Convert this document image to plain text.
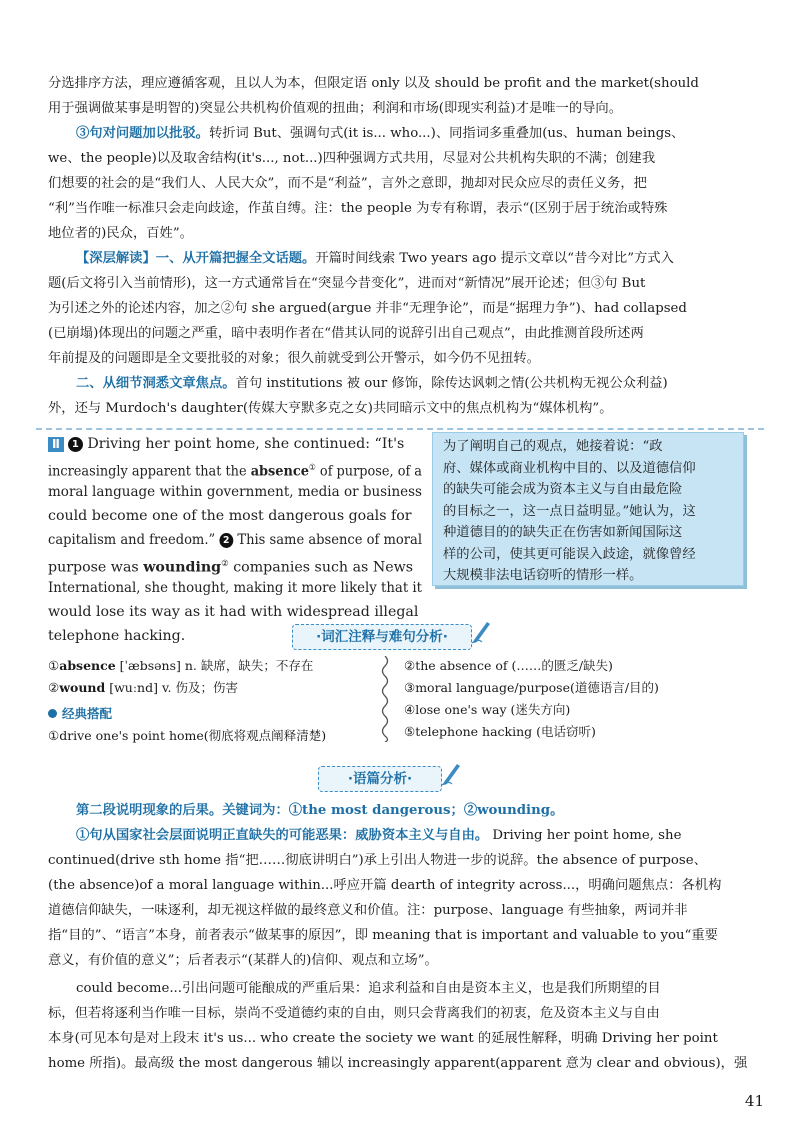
分选排序方法，理应遵循客观，且以人为本，但限定语 only 以及 should be profit and the market(should
用于强调做某事是明智的)突显公共机构价值观的扭曲；利润和市场(即现实利益)才是唯一的导向。
③句对问题加以批驳。转折词 But、强调句式(it is... who...)、同指词多重叠加(us、human beings、
we、the people)以及取舍结构(it's..., not...)四种强调方式共用，尽显对公共机构失职的不满；创建我
们想要的社会的是“我们人、人民大众”，而不是“利益”，言外之意即，抛却对民众应尽的责任义务，把
“利”当作唯一标准只会走向歧途，作茧自缚。注：the people 为专有称谓，表示“(区别于居于统治或特殊
地位者的)民众，百姓”。
【深层解读】一、从开篇把握全文话题。开篇时间线索 Two years ago 提示文章以“昔今对比”方式入
题(后文将引入当前情形)，这一方式通常旨在“突显今昔变化”，进而对“新情况”展开论述；但③句 But
为引述之外的论述内容，加之②句 she argued(argue 并非“无理争论”，而是“据理力争”)、had collapsed
(已崩塌)体现出的问题之严重，暗中表明作者在“借其认同的说辞引出自己观点”，由此推测首段所述两
年前提及的问题即是全文要批驳的对象；很久前就受到公开警示，如今仍不见扭转。
二、从细节洞悉文章焦点。首句 institutions 被 our 修饰，除传达讽刺之情(公共机构无视公众利益)
外，还与 Murdoch's daughter(传媒大亨默多克之女)共同暗示文中的焦点机构为“媒体机构”。
Ⅱ 1 Driving her point home, she continued: “It's
increasingly apparent that the absence① of purpose, of a
moral language within government, media or business
could become one of the most dangerous goals for
capitalism and freedom.” 2 This same absence of moral
purpose was wounding② companies such as News
International, she thought, making it more likely that it
would lose its way as it had with widespread illegal
telephone hacking.
为了阐明自己的观点，她接着说：“政
府、媒体或商业机构中目的、以及道德信仰
的缺失可能会成为资本主义与自由最危险
的目标之一，这一点日益明显。”她认为，这
种道德目的的缺失正在伤害如新闻国际这
样的公司，使其更可能误入歧途，就像曾经
大规模非法电话窃听的情形一样。
·词汇注释与难句分析·
①absence [ˈæbsəns] n. 缺席，缺失；不存在
②wound [wuːnd] v. 伤及；伤害
经典搭配
①drive one's point home(彻底将观点阐释清楚)
②the absence of (……的匮乏/缺失)
③moral language/purpose(道德语言/目的)
④lose one's way (迷失方向)
⑤telephone hacking (电话窃听)
·语篇分析·
第二段说明现象的后果。关键词为：①the most dangerous；②wounding。
①句从国家社会层面说明正直缺失的可能恶果：威胁资本主义与自由。 Driving her point home, she
continued(drive sth home 指“把……彻底讲明白”)承上引出人物进一步的说辞。the absence of purpose、
(the absence)of a moral language within...呼应开篇 dearth of integrity across...，明确问题焦点：各机构
道德信仰缺失，一味逐利，却无视这样做的最终意义和价值。注：purpose、language 有些抽象，两词并非
指“目的”、“语言”本身，前者表示“做某事的原因”，即 meaning that is important and valuable to you“重要
意义，有价值的意义”；后者表示“(某群人的)信仰、观点和立场”。
could become...引出问题可能酿成的严重后果：追求利益和自由是资本主义，也是我们所期望的目
标，但若将逐利当作唯一目标，崇尚不受道德约束的自由，则只会背离我们的初衷，危及资本主义与自由
本身(可见本句是对上段末 it's us... who create the society we want 的延展性解释，明确 Driving her point
home 所指)。最高级 the most dangerous 辅以 increasingly apparent(apparent 意为 clear and obvious)，强
41
